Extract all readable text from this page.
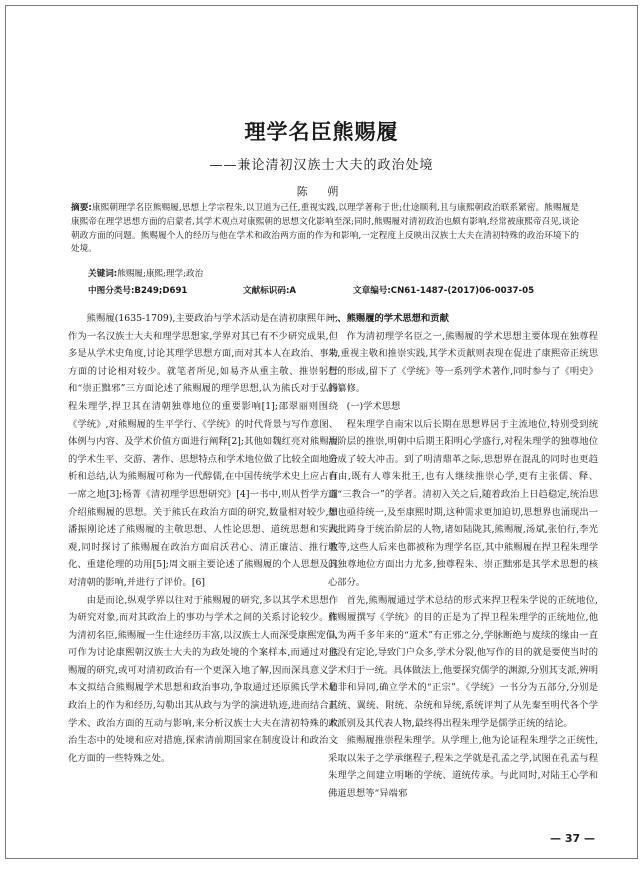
理学名臣熊赐履
——兼论清初汉族士大夫的政治处境
陈 朔
摘要:康熙朝理学名臣熊赐履,思想上学宗程朱,以卫道为己任,重视实践,以理学著称于世;仕途顺利,且与康熙朝政治联系紧密。熊赐履是康熙帝在理学思想方面的启蒙者,其学术观点对康熙朝的思想文化影响至深;同时,熊赐履对清初政治也颇有影响,经常被康熙帝召见,谈论朝政方面的问题。熊赐履个人的经历与他在学术和政治两方面的作为和影响,一定程度上反映出汉族士大夫在清初特殊的政治环境下的处境。
关键词:熊赐履;康熙;理学;政治
中图分类号:B249;D691	文献标识码:A	文章编号:CN61-1487-(2017)06-0037-05

熊赐履(1635-1709),主要政治与学术活动是在清初康熙年间,作为一名汉族士大夫和理学思想家,学界对其已有不少研究成果,但多是从学术史角度,讨论其理学思想方面,而对其本人在政治、事功方面的讨论相对较少。就笔者所见,如易齐从重主敬、推崇躬行和“崇正黜邪”三方面论述了熊赐履的理学思想,认为熊氏对于弘扬程朱理学,捍卫其在清朝独尊地位的重要影响[1];邵翠丽则围绕《学统》,对熊赐履的生平学行、《学统》的时代背景与写作意图、体例与内容、及学术价值方面进行阐释[2];其他如魏红亮对熊赐履的学术生平、交游、著作、思想特点和学术地位做了比较全面地分析和总结,认为熊赐履可称为一代醇儒,在中国传统学术史上应占有一席之地[3];杨菁《清初理学思想研究》[4]一书中,则从哲学方面介绍熊赐履的思想。关于熊氏在政治方面的研究,数量相对较少,如潘振刚论述了熊赐履的主敬思想、人性论思想、道统思想和实践观,同时探讨了熊赐履在政治方面启沃君心、清正廉洁、推行教化、重建伦理的功用[5];周文丽主要论述了熊赐履的个人思想及其对清朝的影响,并进行了评价。[6]

由是而论,纵观学界以往对于熊赐履的研究,多以其学术思想作为研究对象,而对其政治上的事功与学术之间的关系讨论较少。作为清初名臣,熊赐履一生仕途经历丰富,以汉族士人而深受康熙宠信,可作为讨论康熙朝汉族士大夫的为政处境的个案样本,而通过对熊赐履的研究,或可对清初政治有一个更深入地了解,因而深具意义。本文拟结合熊赐履学术思想和政治事功,争取通过还原熊氏学术和政治上的作为和经历,勾勒出其从政与为学的演进轨迹,进而结合其学术、政治方面的互动与影响,来分析汉族士大夫在清初特殊的政治生态中的处境和应对措施,探索清前期国家在制度设计和政治文化方面的一些特殊之处。

一、熊赐履的学术思想和贡献

作为清初理学名臣之一,熊赐履的学术思想主要体现在独尊程朱,重视主敬和推崇实践,其学术贡献则表现在促进了康熙帝正统思想的形成,留下了《学统》等一系列学术著作,同时参与了《明史》的纂修。

(一)学术思想

程朱理学自南宋以后长期在思想界居于主流地位,特别受到统治阶层的推崇,明朝中后期王阳明心学盛行,对程朱理学的独尊地位造成了较大冲击。到了明清鼎革之际,思想界在混乱的同时也更趋自由,既有人尊朱批王,也有人继续推崇心学,更有主张儒、释、道“三教合一”的学者。清初入关之后,随着政治上日趋稳定,统治思想也亟待统一,及至康熙时期,这种需求更加迫切,思想界也涌现出一大批踌身于统治阶层的人物,诸如陆陇其,熊赐履,汤斌,张伯行,李光地等,这些人后来也都被称为理学名臣,其中熊赐履在捍卫程朱理学的独尊地位方面出力尤多,独尊程朱、崇正黜邪是其学术思想的核心部分。

首先,熊赐履通过学术总结的形式来捍卫程朱学说的正统地位,熊赐履撰写《学统》的目的正是为了捍卫程朱理学的正统地位,他认为两千多年来的“道术”有正邪之分,学脉断绝与废续的缘由一直也没有定论,导致门户众多,学术分裂,他写作的目的就是要使当时的学术归于一统。具体做法上,他要探究儒学的渊源,分别其支派,辨明是非和异同,确立学术的“正宗”。《学统》一书分为五部分,分别是正统、翼统、附统、杂统和异统,系统评判了从先秦至明代各个学术派别及其代表人物,最终得出程朱理学是儒学正统的结论。

熊赐履推崇程朱理学。从学理上,他为论证程朱理学之正统性,采取以朱子之学承继程子,程朱之学就是孔孟之学,试图在孔孟与程朱理学之间建立明晰的学统、道统传承。与此同时,对陆王心学和佛道思想等“异端邪

— 37 —
